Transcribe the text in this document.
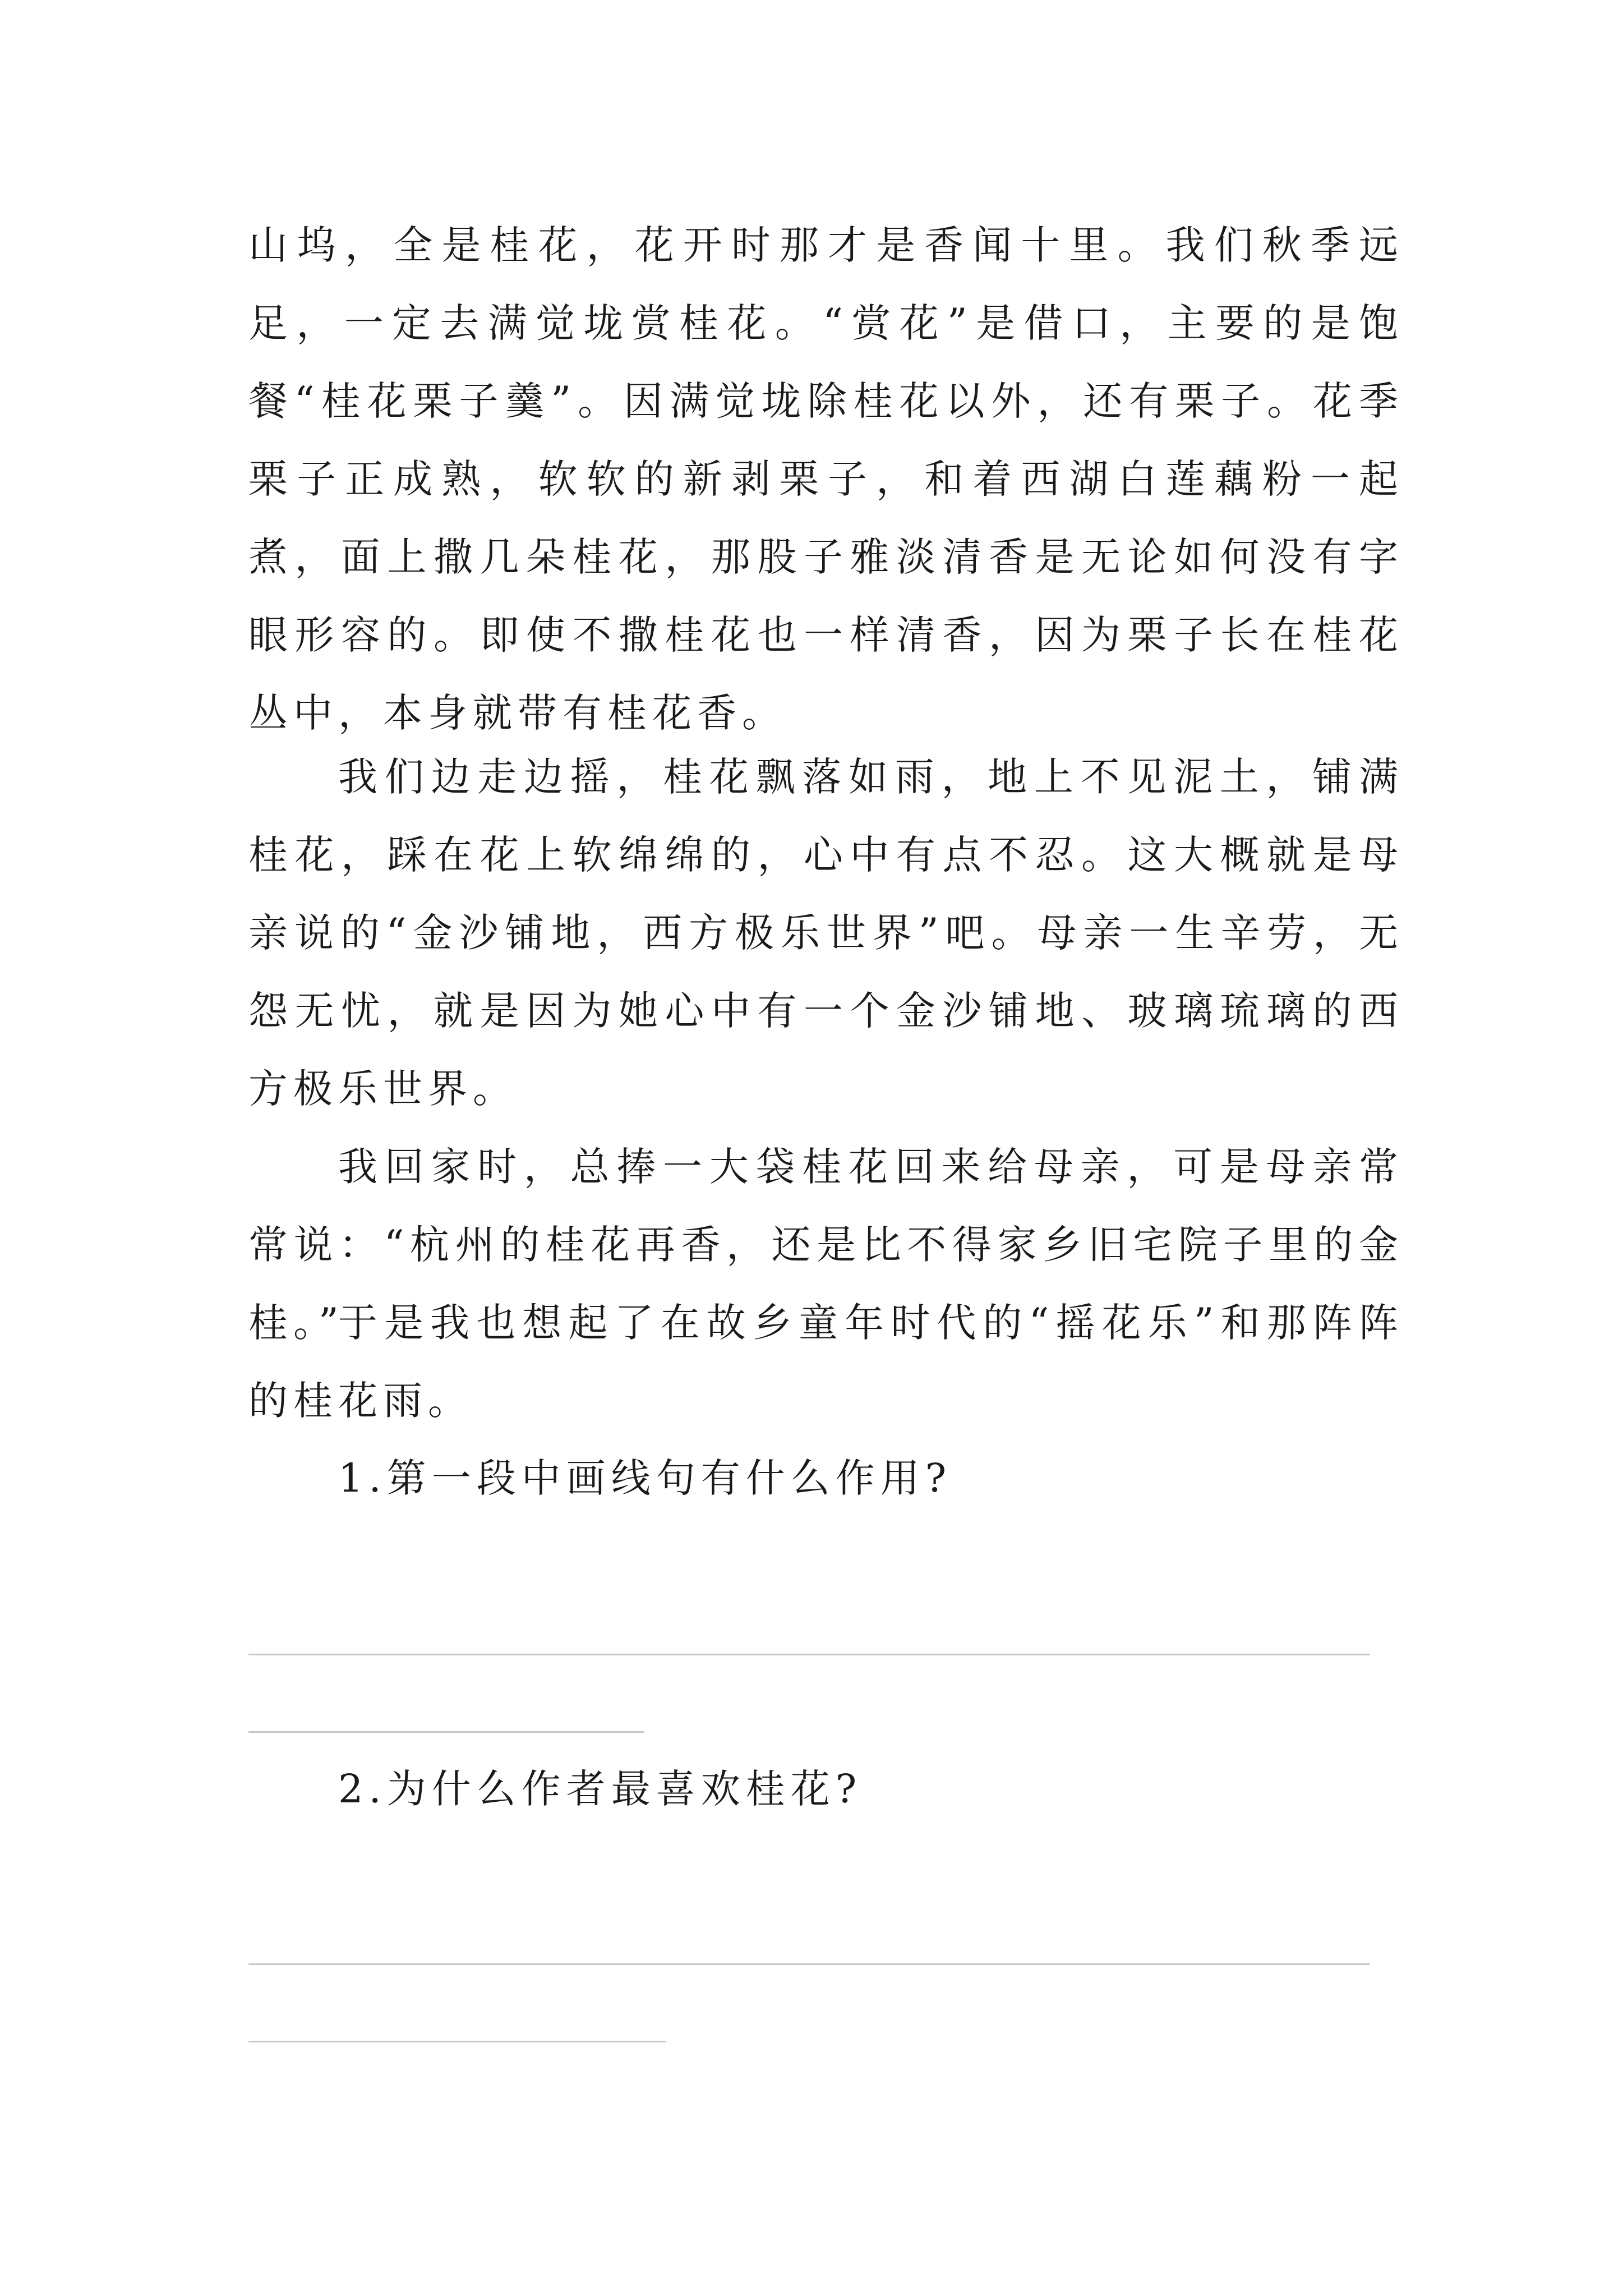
山坞，全是桂花，花开时那才是香闻十里。我们秋季远足，一定去满觉垅赏桂花。“赏花”是借口，主要的是饱餐“桂花栗子羹”。因满觉垅除桂花以外，还有栗子。花季栗子正成熟，软软的新剥栗子，和着西湖白莲藕粉一起煮，面上撒几朵桂花，那股子雅淡清香是无论如何没有字眼形容的。即使不撒桂花也一样清香，因为栗子长在桂花丛中，本身就带有桂花香。

我们边走边摇，桂花飘落如雨，地上不见泥土，铺满桂花，踩在花上软绵绵的，心中有点不忍。这大概就是母亲说的“金沙铺地，西方极乐世界”吧。母亲一生辛劳，无怨无忧，就是因为她心中有一个金沙铺地、玻璃琉璃的西方极乐世界。

我回家时，总捧一大袋桂花回来给母亲，可是母亲常常说：“杭州的桂花再香，还是比不得家乡旧宅院子里的金桂。”

于是我也想起了在故乡童年时代的“摇花乐”和那阵阵的桂花雨。

1.第一段中画线句有什么作用?

2.为什么作者最喜欢桂花?
